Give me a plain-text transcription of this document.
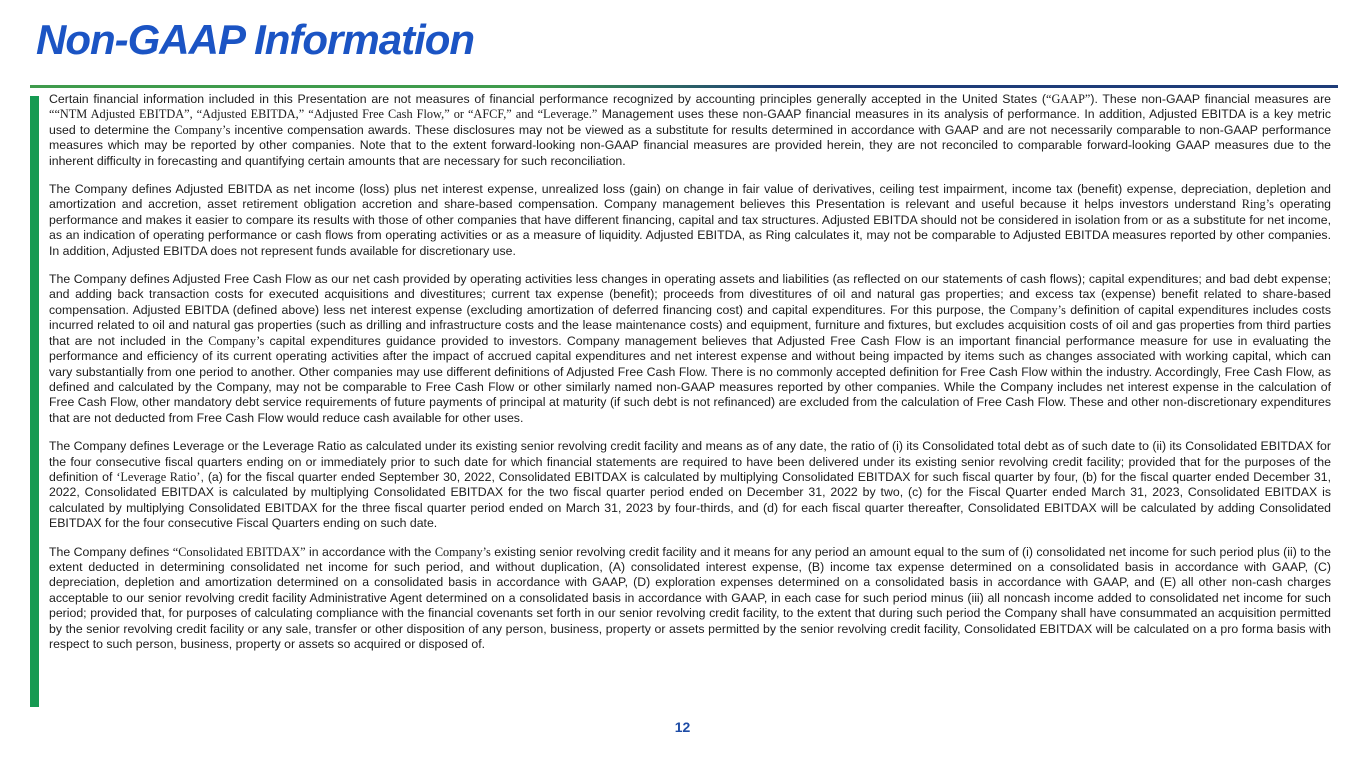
Non-GAAP Information

Certain financial information included in this Presentation are not measures of financial performance recognized by accounting principles generally accepted in the United States (“GAAP”). These non-GAAP financial measures are ““NTM Adjusted EBITDA”, “Adjusted EBITDA,” “Adjusted Free Cash Flow,” or “AFCF,” and “Leverage.” Management uses these non-GAAP financial measures in its analysis of performance. In addition, Adjusted EBITDA is a key metric used to determine the Company’s incentive compensation awards. These disclosures may not be viewed as a substitute for results determined in accordance with GAAP and are not necessarily comparable to non-GAAP performance measures which may be reported by other companies. Note that to the extent forward-looking non-GAAP financial measures are provided herein, they are not reconciled to comparable forward-looking GAAP measures due to the inherent difficulty in forecasting and quantifying certain amounts that are necessary for such reconciliation.

The Company defines Adjusted EBITDA as net income (loss) plus net interest expense, unrealized loss (gain) on change in fair value of derivatives, ceiling test impairment, income tax (benefit) expense, depreciation, depletion and amortization and accretion, asset retirement obligation accretion and share-based compensation. Company management believes this Presentation is relevant and useful because it helps investors understand Ring’s operating performance and makes it easier to compare its results with those of other companies that have different financing, capital and tax structures. Adjusted EBITDA should not be considered in isolation from or as a substitute for net income, as an indication of operating performance or cash flows from operating activities or as a measure of liquidity. Adjusted EBITDA, as Ring calculates it, may not be comparable to Adjusted EBITDA measures reported by other companies. In addition, Adjusted EBITDA does not represent funds available for discretionary use.

The Company defines Adjusted Free Cash Flow as our net cash provided by operating activities less changes in operating assets and liabilities (as reflected on our statements of cash flows); capital expenditures; and bad debt expense; and adding back transaction costs for executed acquisitions and divestitures; current tax expense (benefit); proceeds from divestitures of oil and natural gas properties; and excess tax (expense) benefit related to share-based compensation. Adjusted EBITDA (defined above) less net interest expense (excluding amortization of deferred financing cost) and capital expenditures. For this purpose, the Company’s definition of capital expenditures includes costs incurred related to oil and natural gas properties (such as drilling and infrastructure costs and the lease maintenance costs) and equipment, furniture and fixtures, but excludes acquisition costs of oil and gas properties from third parties that are not included in the Company’s capital expenditures guidance provided to investors. Company management believes that Adjusted Free Cash Flow is an important financial performance measure for use in evaluating the performance and efficiency of its current operating activities after the impact of accrued capital expenditures and net interest expense and without being impacted by items such as changes associated with working capital, which can vary substantially from one period to another. Other companies may use different definitions of Adjusted Free Cash Flow. There is no commonly accepted definition for Free Cash Flow within the industry. Accordingly, Free Cash Flow, as defined and calculated by the Company, may not be comparable to Free Cash Flow or other similarly named non-GAAP measures reported by other companies. While the Company includes net interest expense in the calculation of Free Cash Flow, other mandatory debt service requirements of future payments of principal at maturity (if such debt is not refinanced) are excluded from the calculation of Free Cash Flow. These and other non-discretionary expenditures that are not deducted from Free Cash Flow would reduce cash available for other uses.

The Company defines Leverage or the Leverage Ratio as calculated under its existing senior revolving credit facility and means as of any date, the ratio of (i) its Consolidated total debt as of such date to (ii) its Consolidated EBITDAX for the four consecutive fiscal quarters ending on or immediately prior to such date for which financial statements are required to have been delivered under its existing senior revolving credit facility; provided that for the purposes of the definition of ‘Leverage Ratio’, (a) for the fiscal quarter ended September 30, 2022, Consolidated EBITDAX is calculated by multiplying Consolidated EBITDAX for such fiscal quarter by four, (b) for the fiscal quarter ended December 31, 2022, Consolidated EBITDAX is calculated by multiplying Consolidated EBITDAX for the two fiscal quarter period ended on December 31, 2022 by two, (c) for the Fiscal Quarter ended March 31, 2023, Consolidated EBITDAX is calculated by multiplying Consolidated EBITDAX for the three fiscal quarter period ended on March 31, 2023 by four-thirds, and (d) for each fiscal quarter thereafter, Consolidated EBITDAX will be calculated by adding Consolidated EBITDAX for the four consecutive Fiscal Quarters ending on such date.

The Company defines “Consolidated EBITDAX” in accordance with the Company’s existing senior revolving credit facility and it means for any period an amount equal to the sum of (i) consolidated net income for such period plus (ii) to the extent deducted in determining consolidated net income for such period, and without duplication, (A) consolidated interest expense, (B) income tax expense determined on a consolidated basis in accordance with GAAP, (C) depreciation, depletion and amortization determined on a consolidated basis in accordance with GAAP, (D) exploration expenses determined on a consolidated basis in accordance with GAAP, and (E) all other non-cash charges acceptable to our senior revolving credit facility Administrative Agent determined on a consolidated basis in accordance with GAAP, in each case for such period minus (iii) all noncash income added to consolidated net income for such period; provided that, for purposes of calculating compliance with the financial covenants set forth in our senior revolving credit facility, to the extent that during such period the Company shall have consummated an acquisition permitted by the senior revolving credit facility or any sale, transfer or other disposition of any person, business, property or assets permitted by the senior revolving credit facility, Consolidated EBITDAX will be calculated on a pro forma basis with respect to such person, business, property or assets so acquired or disposed of.

12
